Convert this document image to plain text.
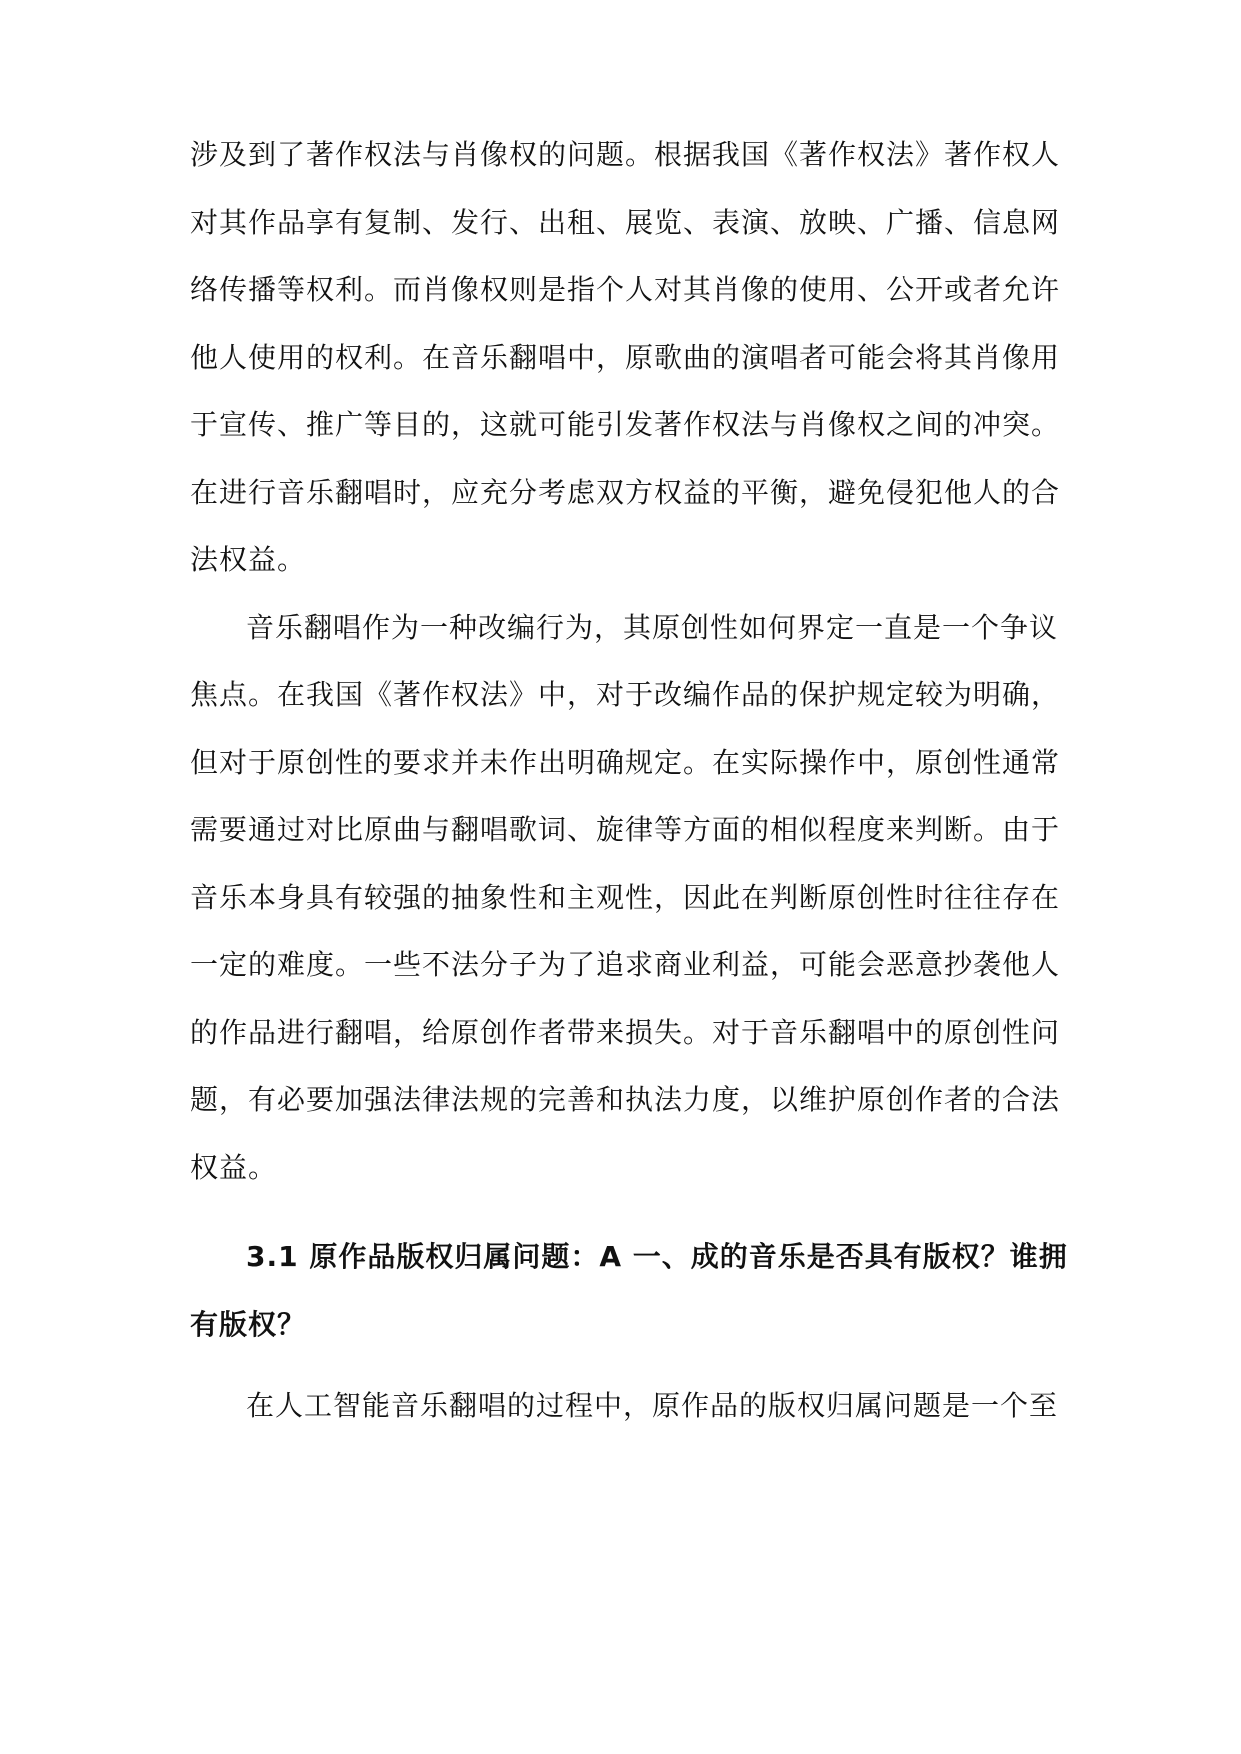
涉及到了著作权法与肖像权的问题。根据我国《著作权法》著作权人

对其作品享有复制、发行、出租、展览、表演、放映、广播、信息网

络传播等权利。而肖像权则是指个人对其肖像的使用、公开或者允许

他人使用的权利。在音乐翻唱中，原歌曲的演唱者可能会将其肖像用

于宣传、推广等目的，这就可能引发著作权法与肖像权之间的冲突。

在进行音乐翻唱时，应充分考虑双方权益的平衡，避免侵犯他人的合

法权益。

音乐翻唱作为一种改编行为，其原创性如何界定一直是一个争议

焦点。在我国《著作权法》中，对于改编作品的保护规定较为明确，

但对于原创性的要求并未作出明确规定。在实际操作中，原创性通常

需要通过对比原曲与翻唱歌词、旋律等方面的相似程度来判断。由于

音乐本身具有较强的抽象性和主观性，因此在判断原创性时往往存在

一定的难度。一些不法分子为了追求商业利益，可能会恶意抄袭他人

的作品进行翻唱，给原创作者带来损失。对于音乐翻唱中的原创性问

题，有必要加强法律法规的完善和执法力度，以维护原创作者的合法

权益。

3.1 原作品版权归属问题：A 一、成的音乐是否具有版权？谁拥

有版权？

在人工智能音乐翻唱的过程中，原作品的版权归属问题是一个至
